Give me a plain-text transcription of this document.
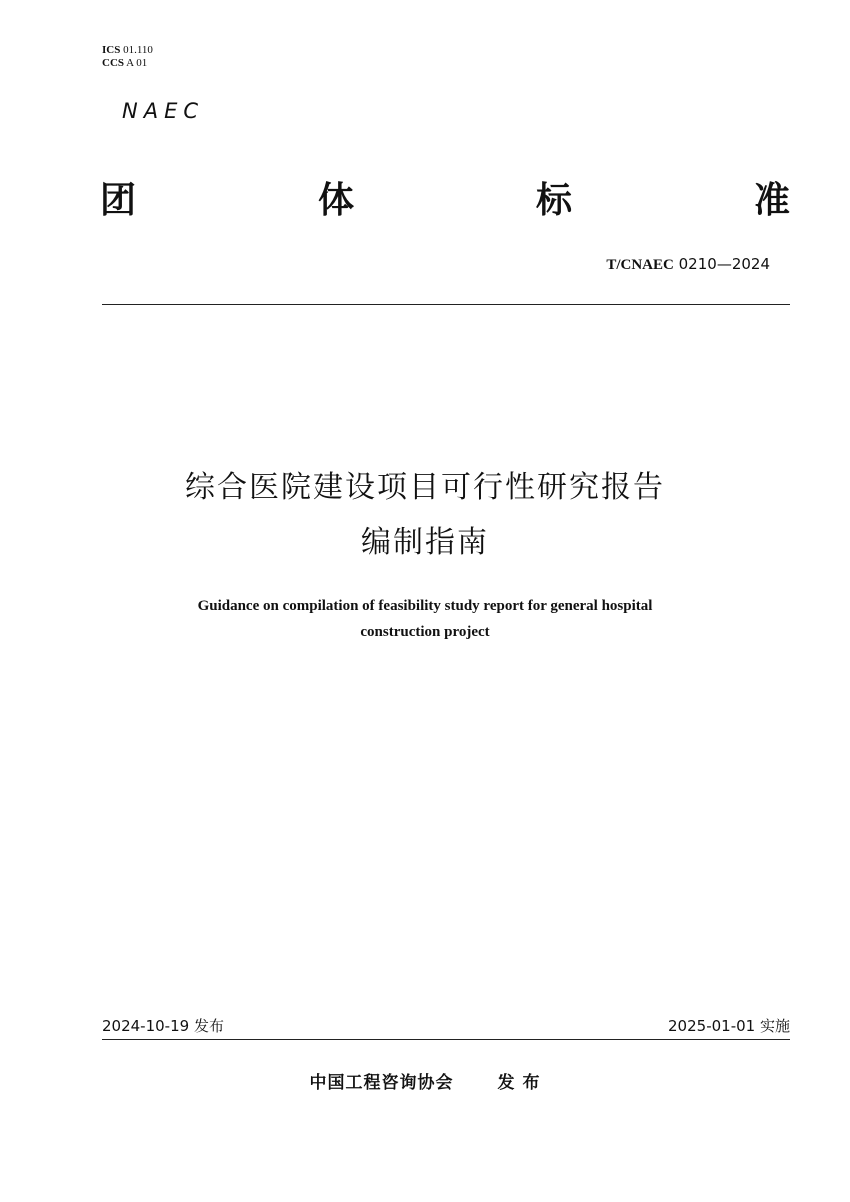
ICS 01.110
CCS A 01
NAEC
团	体	标	准
T/CNAEC 0210—2024
综合医院建设项目可行性研究报告
编制指南
Guidance on compilation of feasibility study report for general hospital
construction project
2024-10-19 发布	2025-01-01 实施
中国工程咨询协会	发 布
